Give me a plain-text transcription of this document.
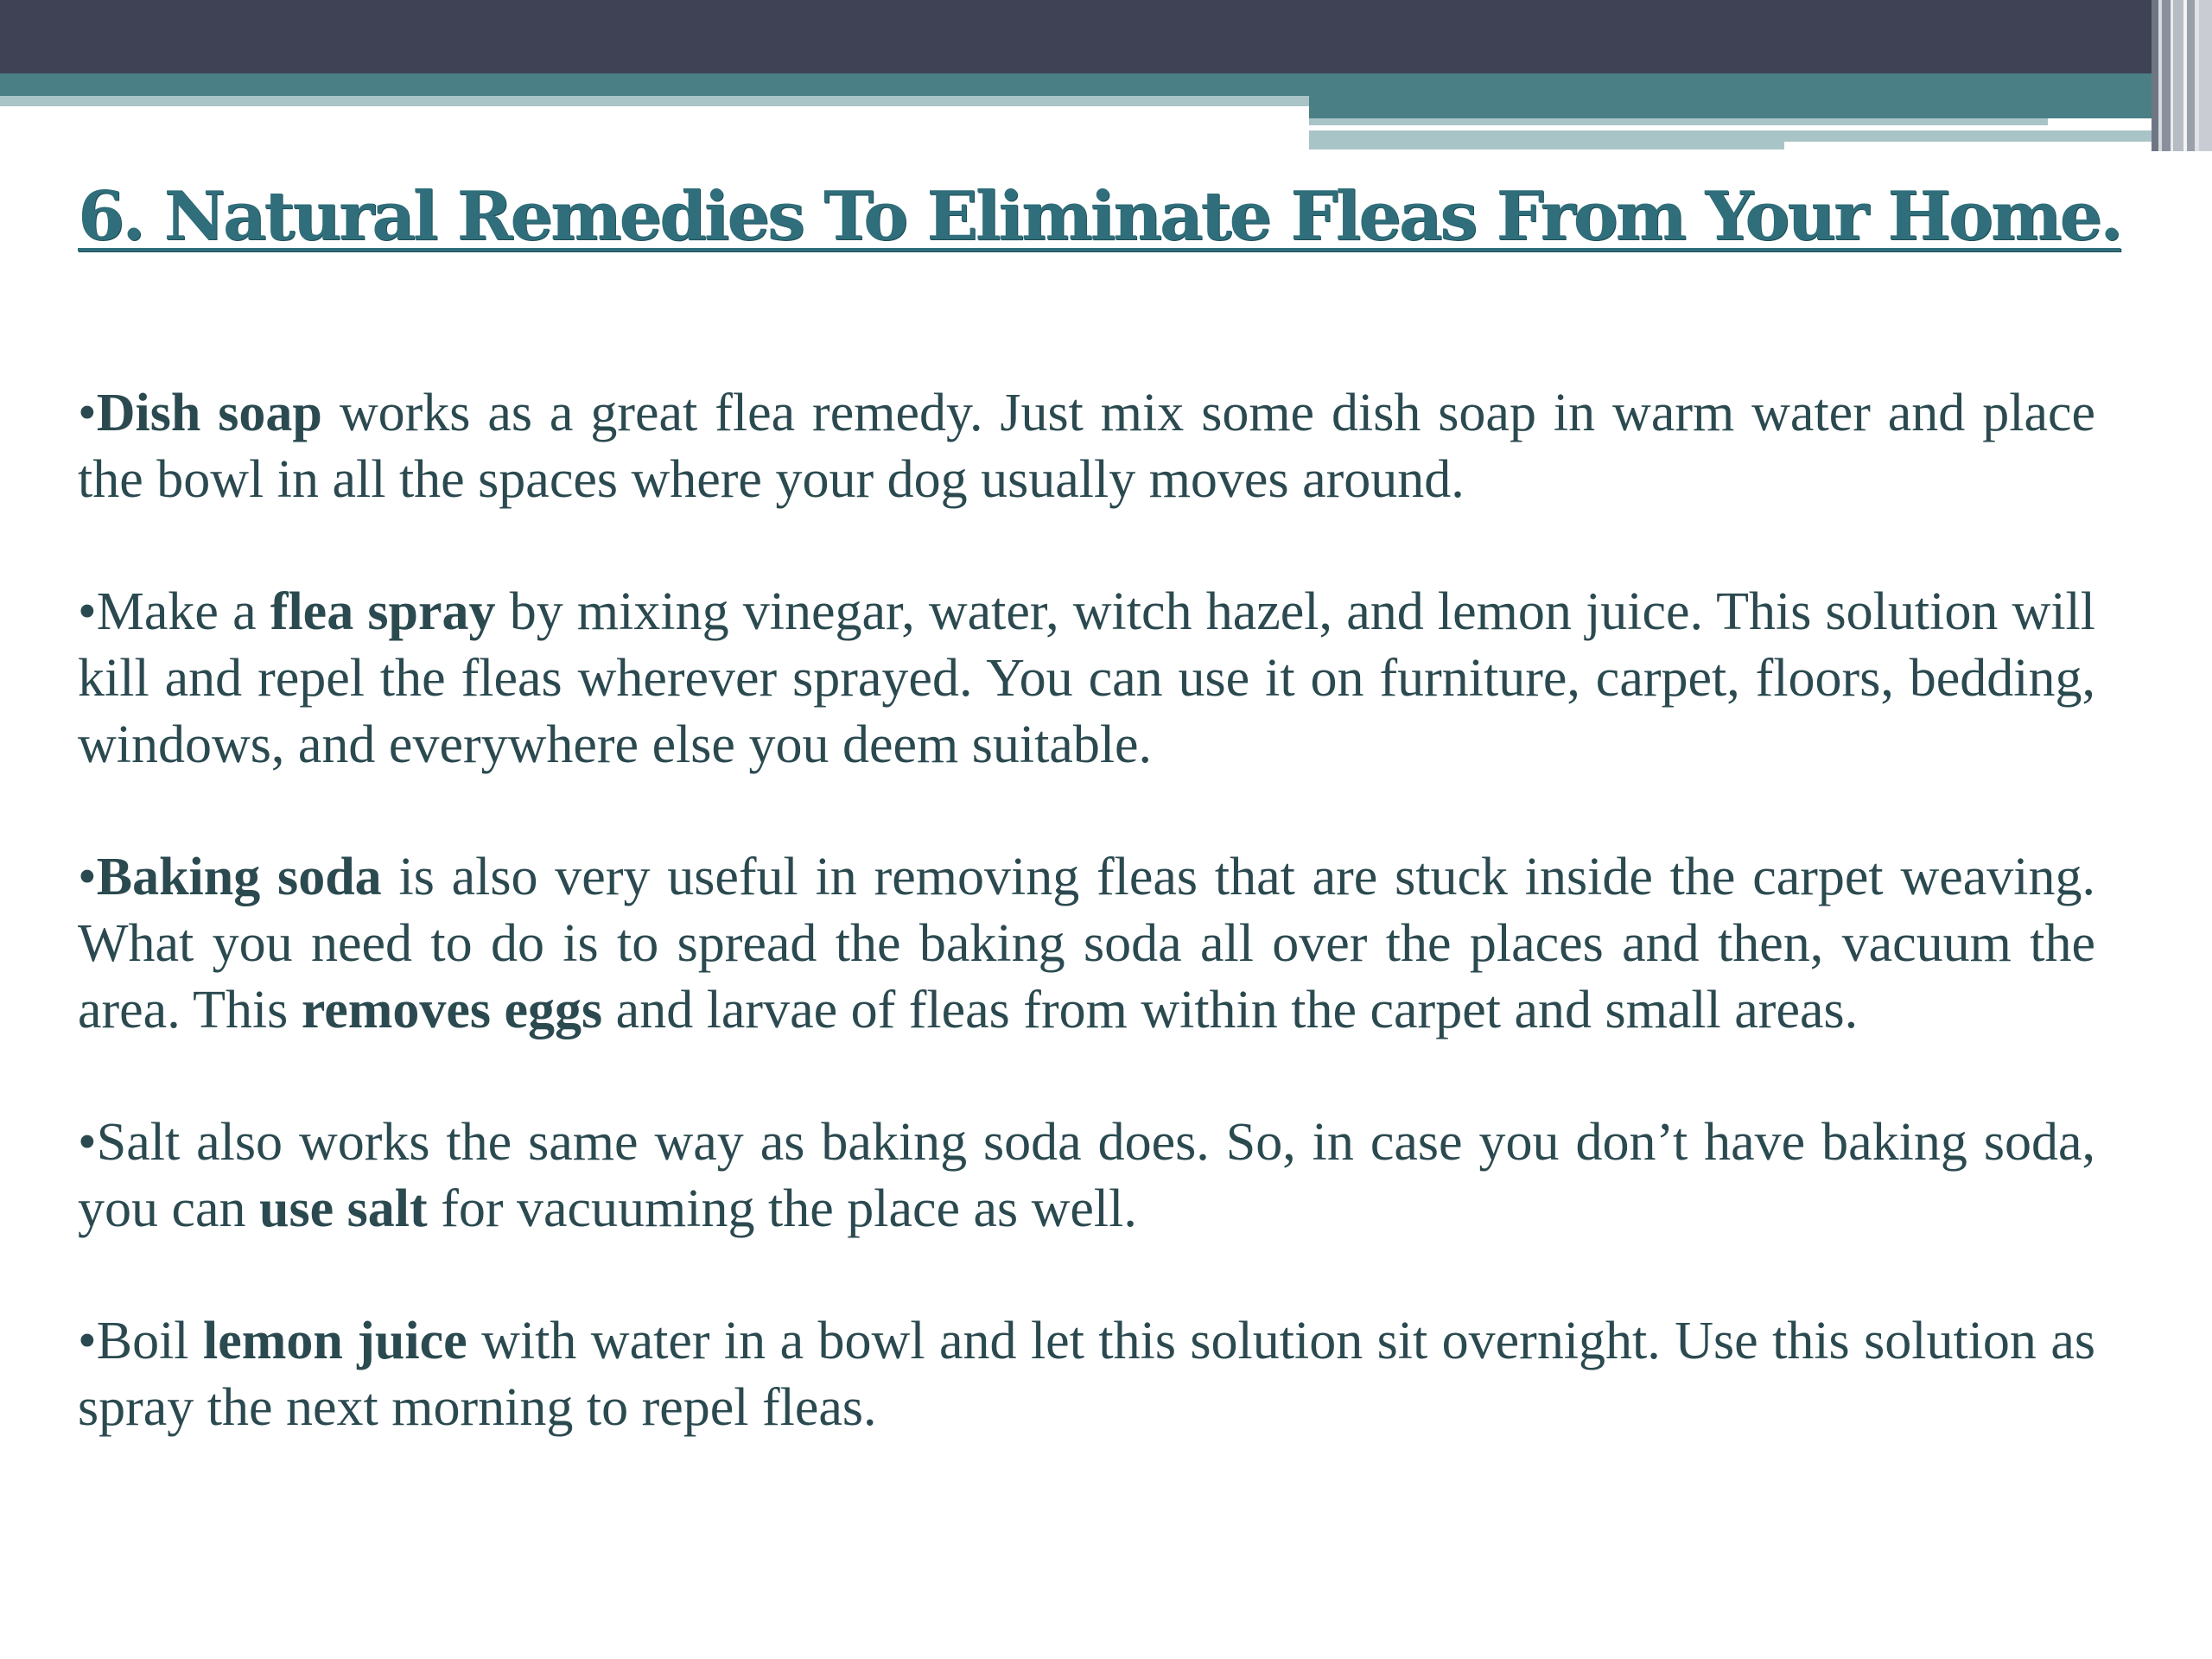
6. Natural Remedies To Eliminate Fleas From Your Home.

•Dish soap works as a great flea remedy. Just mix some dish soap in warm water and place the bowl in all the spaces where your dog usually moves around.

•Make a flea spray by mixing vinegar, water, witch hazel, and lemon juice. This solution will kill and repel the fleas wherever sprayed. You can use it on furniture, carpet, floors, bedding, windows, and everywhere else you deem suitable.

•Baking soda is also very useful in removing fleas that are stuck inside the carpet weaving. What you need to do is to spread the baking soda all over the places and then, vacuum the area. This removes eggs and larvae of fleas from within the carpet and small areas.

•Salt also works the same way as baking soda does. So, in case you don’t have baking soda, you can use salt for vacuuming the place as well.

•Boil lemon juice with water in a bowl and let this solution sit overnight. Use this solution as spray the next morning to repel fleas.
